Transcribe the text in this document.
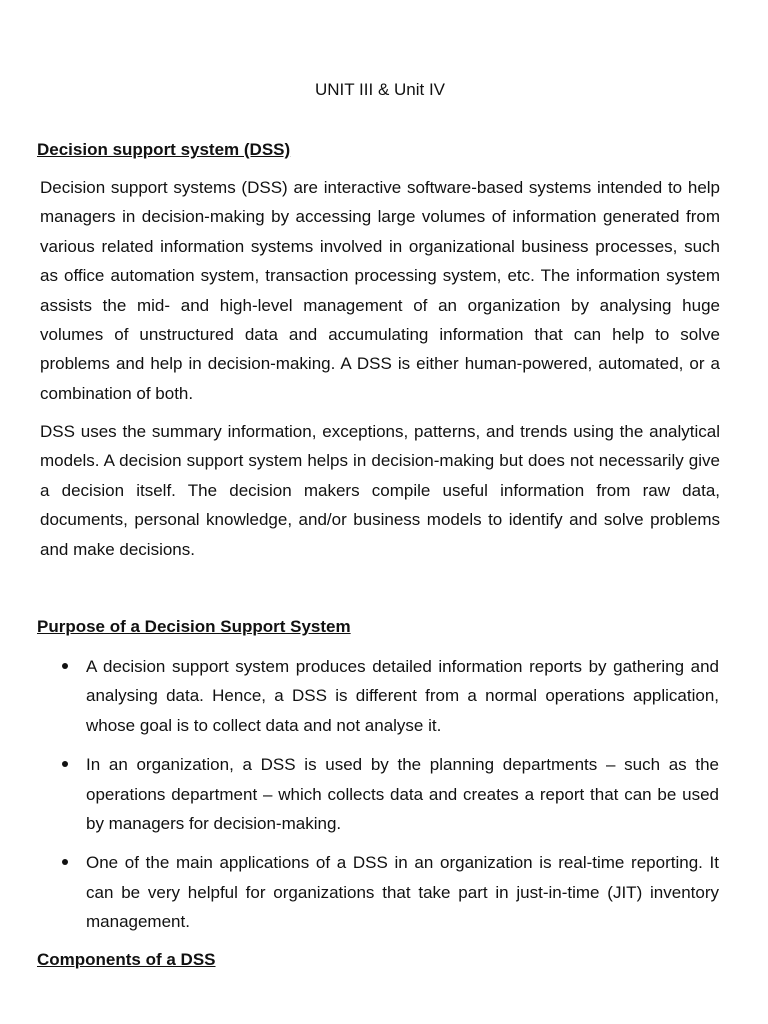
UNIT III & Unit IV
Decision support system (DSS)

Decision support systems (DSS) are interactive software-based systems intended to help managers in decision-making by accessing large volumes of information generated from various related information systems involved in organizational business processes, such as office automation system, transaction processing system, etc. The information system assists the mid- and high-level management of an organization by analysing huge volumes of unstructured data and accumulating information that can help to solve problems and help in decision-making. A DSS is either human-powered, automated, or a combination of both.

DSS uses the summary information, exceptions, patterns, and trends using the analytical models. A decision support system helps in decision-making but does not necessarily give a decision itself. The decision makers compile useful information from raw data, documents, personal knowledge, and/or business models to identify and solve problems and make decisions.

Purpose of a Decision Support System
A decision support system produces detailed information reports by gathering and analysing data. Hence, a DSS is different from a normal operations application, whose goal is to collect data and not analyse it.
In an organization, a DSS is used by the planning departments – such as the operations department – which collects data and creates a report that can be used by managers for decision-making.
One of the main applications of a DSS in an organization is real-time reporting. It can be very helpful for organizations that take part in just-in-time (JIT) inventory management.
Components of a DSS
